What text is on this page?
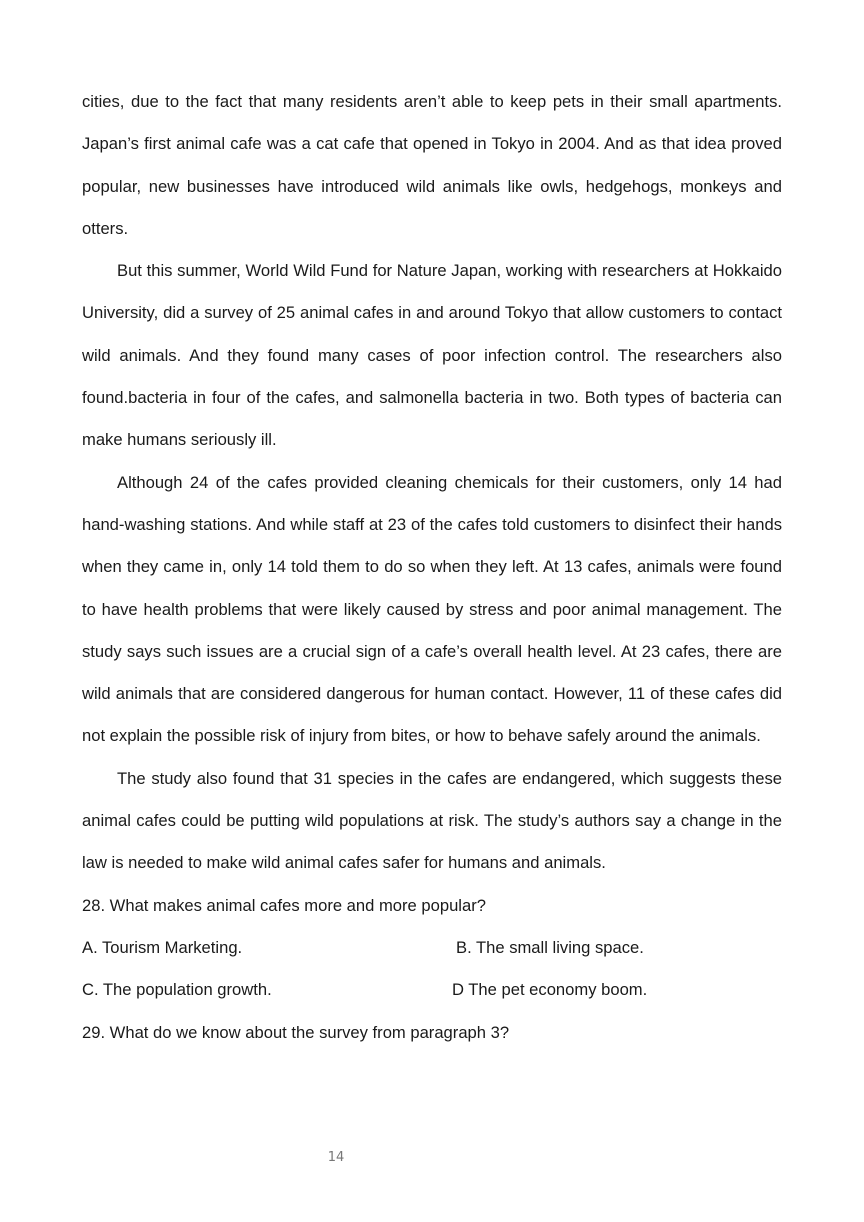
cities, due to the fact that many residents aren’t able to keep pets in their small apartments. Japan’s first animal cafe was a cat cafe that opened in Tokyo in 2004. And as that idea proved popular, new businesses have introduced wild animals like owls, hedgehogs, monkeys and otters.

But this summer, World Wild Fund for Nature Japan, working with researchers at Hokkaido University, did a survey of 25 animal cafes in and around Tokyo that allow customers to contact wild animals. And they found many cases of poor infection control. The researchers also found.bacteria in four of the cafes, and salmonella bacteria in two. Both types of bacteria can make humans seriously ill.

Although 24 of the cafes provided cleaning chemicals for their customers, only 14 had hand-washing stations. And while staff at 23 of the cafes told customers to disinfect their hands when they came in, only 14 told them to do so when they left. At 13 cafes, animals were found to have health problems that were likely caused by stress and poor animal management. The study says such issues are a crucial sign of a cafe’s overall health level. At 23 cafes, there are wild animals that are considered dangerous for human contact. However, 11 of these cafes did not explain the possible risk of injury from bites, or how to behave safely around the animals.

The study also found that 31 species in the cafes are endangered, which suggests these animal cafes could be putting wild populations at risk. The study’s authors say a change in the law is needed to make wild animal cafes safer for humans and animals.

28. What makes animal cafes more and more popular?

A. Tourism Marketing.	B. The small living space.
C. The population growth.	D The pet economy boom.

29. What do we know about the survey from paragraph 3?

14
